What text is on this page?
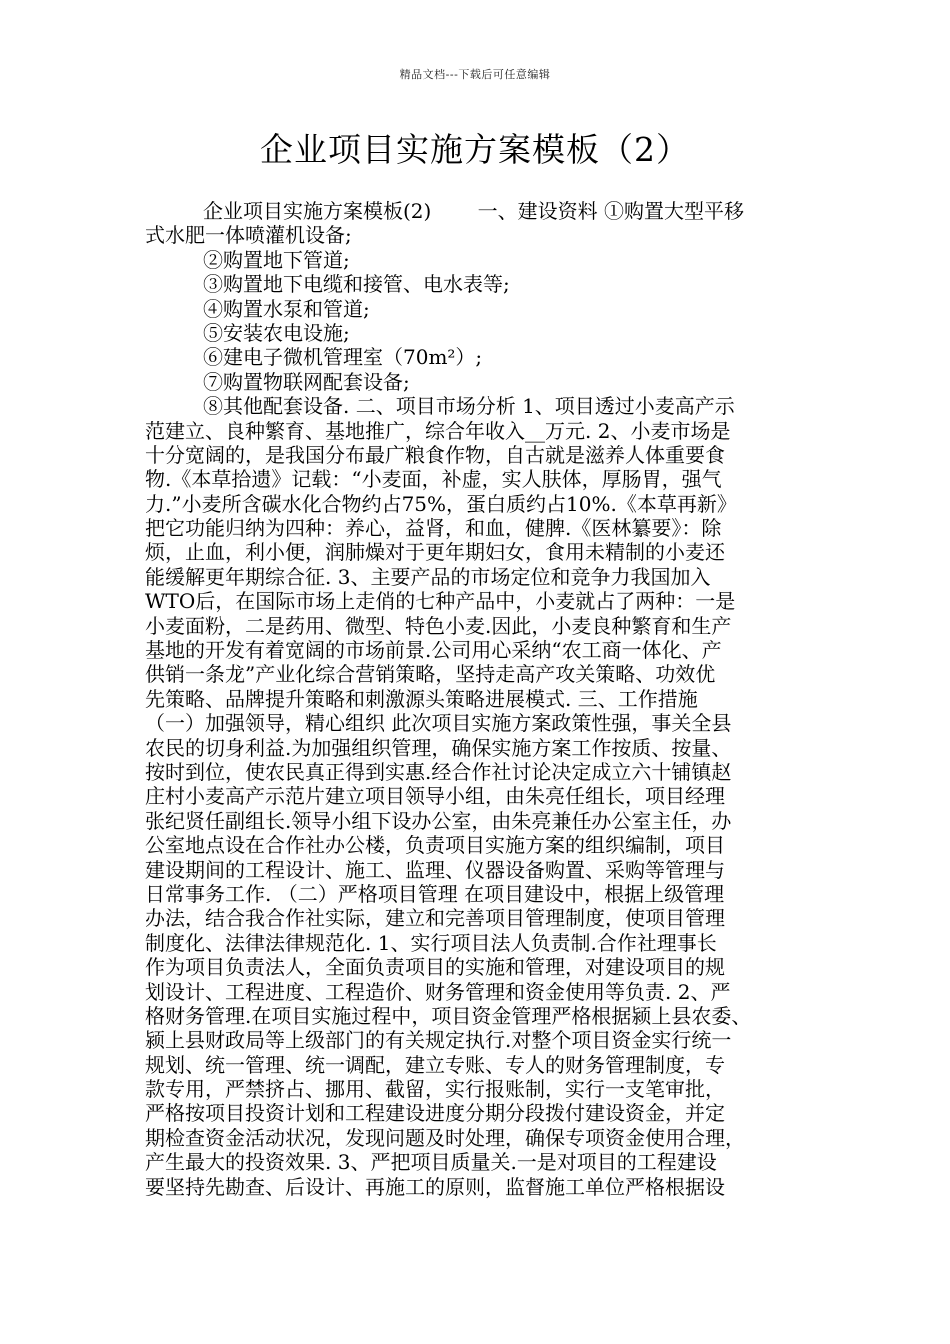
精品文档---下载后可任意编辑
企业项目实施方案模板（2）
企业项目实施方案模板(2)　　 一、建设资料 ①购置大型平移
式水肥一体喷灌机设备;
②购置地下管道;
③购置地下电缆和接管、电水表等;
④购置水泵和管道;
⑤安装农电设施;
⑥建电子微机管理室（70m²）;
⑦购置物联网配套设备;
⑧其他配套设备. 二、项目市场分析 1、项目透过小麦高产示
范建立、良种繁育、基地推广，综合年收入__万元. 2、小麦市场是
十分宽阔的，是我国分布最广粮食作物，自古就是滋养人体重要食
物.《本草拾遗》记载：“小麦面，补虚，实人肤体，厚肠胃，强气
力.”小麦所含碳水化合物约占75%，蛋白质约占10%.《本草再新》
把它功能归纳为四种：养心，益肾，和血，健脾.《医林纂要》：除
烦，止血，利小便，润肺燥对于更年期妇女，食用未精制的小麦还
能缓解更年期综合征. 3、主要产品的市场定位和竞争力我国加入
WTO后，在国际市场上走俏的七种产品中，小麦就占了两种：一是
小麦面粉，二是药用、微型、特色小麦.因此，小麦良种繁育和生产
基地的开发有着宽阔的市场前景.公司用心采纳“农工商一体化、产
供销一条龙”产业化综合营销策略，坚持走高产攻关策略、功效优
先策略、品牌提升策略和刺激源头策略进展模式. 三、工作措施
（一）加强领导，精心组织 此次项目实施方案政策性强，事关全县
农民的切身利益.为加强组织管理，确保实施方案工作按质、按量、
按时到位，使农民真正得到实惠.经合作社讨论决定成立六十铺镇赵
庄村小麦高产示范片建立项目领导小组，由朱亮任组长，项目经理
张纪贤任副组长.领导小组下设办公室，由朱亮兼任办公室主任，办
公室地点设在合作社办公楼，负责项目实施方案的组织编制，项目
建设期间的工程设计、施工、监理、仪器设备购置、采购等管理与
日常事务工作. （二）严格项目管理 在项目建设中，根据上级管理
办法，结合我合作社实际，建立和完善项目管理制度，使项目管理
制度化、法律法律规范化. 1、实行项目法人负责制.合作社理事长
作为项目负责法人，全面负责项目的实施和管理，对建设项目的规
划设计、工程进度、工程造价、财务管理和资金使用等负责. 2、严
格财务管理.在项目实施过程中，项目资金管理严格根据颍上县农委、
颍上县财政局等上级部门的有关规定执行.对整个项目资金实行统一
规划、统一管理、统一调配，建立专账、专人的财务管理制度，专
款专用，严禁挤占、挪用、截留，实行报账制，实行一支笔审批，
严格按项目投资计划和工程建设进度分期分段拨付建设资金，并定
期检查资金活动状况，发现问题及时处理，确保专项资金使用合理，
产生最大的投资效果. 3、严把项目质量关.一是对项目的工程建设
要坚持先勘查、后设计、再施工的原则，监督施工单位严格根据设
